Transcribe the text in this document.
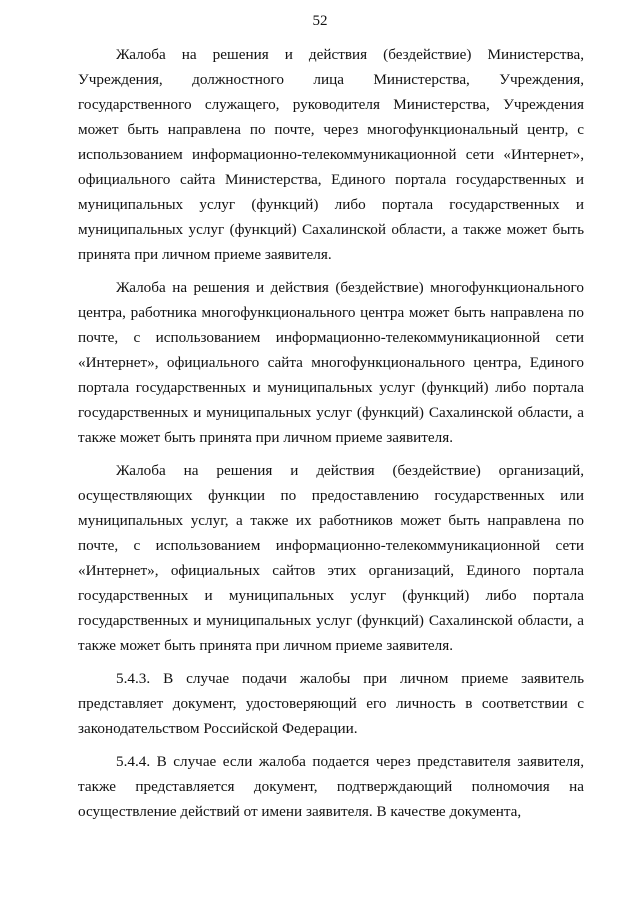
52

Жалоба на решения и действия (бездействие) Министерства, Учреждения, должностного лица Министерства, Учреждения, государственного служащего, руководителя Министерства, Учреждения может быть направлена по почте, через многофункциональный центр, с использованием информационно-телекоммуникационной сети «Интернет», официального сайта Министерства, Единого портала государственных и муниципальных услуг (функций) либо портала государственных и муниципальных услуг (функций) Сахалинской области, а также может быть принята при личном приеме заявителя.

Жалоба на решения и действия (бездействие) многофункционального центра, работника многофункционального центра может быть направлена по почте, с использованием информационно-телекоммуникационной сети «Интернет», официального сайта многофункционального центра, Единого портала государственных и муниципальных услуг (функций) либо портала государственных и муниципальных услуг (функций) Сахалинской области, а также может быть принята при личном приеме заявителя.

Жалоба на решения и действия (бездействие) организаций, осуществляющих функции по предоставлению государственных или муниципальных услуг, а также их работников может быть направлена по почте, с использованием информационно-телекоммуникационной сети «Интернет», официальных сайтов этих организаций, Единого портала государственных и муниципальных услуг (функций) либо портала государственных и муниципальных услуг (функций) Сахалинской области, а также может быть принята при личном приеме заявителя.

5.4.3. В случае подачи жалобы при личном приеме заявитель представляет документ, удостоверяющий его личность в соответствии с законодательством Российской Федерации.

5.4.4. В случае если жалоба подается через представителя заявителя, также представляется документ, подтверждающий полномочия на осуществление действий от имени заявителя. В качестве документа,
